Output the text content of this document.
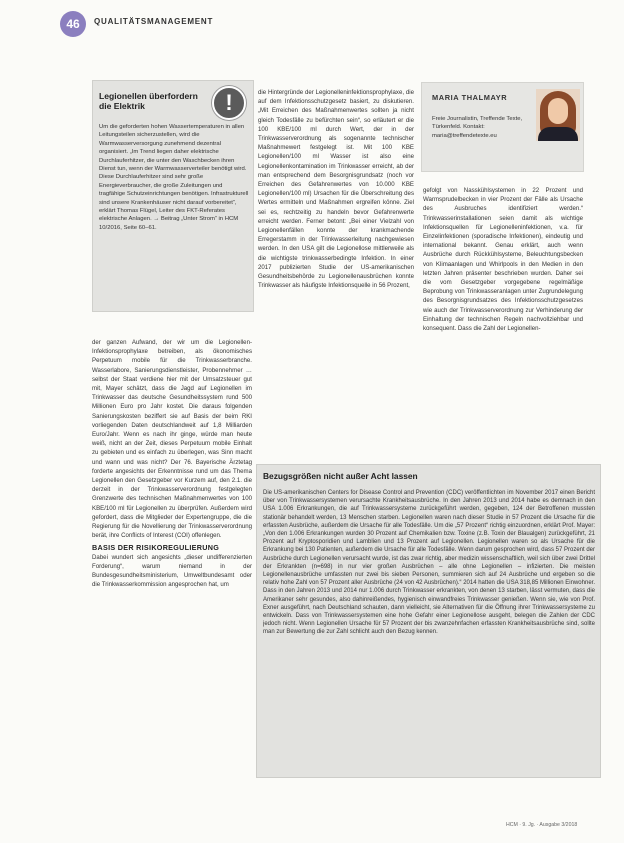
46	QUALITÄTSMANAGEMENT
Legionellen überfordern die Elektrik
Um die geforderten hohen Wassertemperaturen in allen Leitungsteilen sicherzustellen, wird die Warmwasserversorgung zunehmend dezentral organisiert. „Im Trend liegen daher elektrische Durchlauferhitzer, die unter den Waschbecken ihren Dienst tun, wenn der Warmwasserverteiler benötigt wird. Diese Durchlauferhitzer sind sehr große Energieverbraucher, die große Zuleitungen und tragfähige Schutzeinrichtungen benötigen. Infrastrukturell sind unsere Krankenhäuser nicht darauf vorbereitet“, erklärt Thomas Flügel, Leiter des FKT-Referates elektrische Anlagen. → Beitrag „Unter Strom“ in HCM 10/2016, Seite 60–61.
!
der ganzen Aufwand, der wir um die Legionellen-Infektionsprophylaxe betreiben, als ökonomisches Perpetuum mobile für die Trinkwasserbranche. Wasserlabore, Sanierungsdienstleister, Probennehmer … selbst der Staat verdiene hier mit der Umsatzsteuer gut mit, Mayer schätzt, dass die Jagd auf Legionellen im Trinkwasser das deutsche Gesundheitssystem rund 500 Millionen Euro pro Jahr kostet. Die daraus folgenden Sanierungskosten beziffert sie auf Basis der beim RKI vorliegenden Daten deutschlandweit auf 1,8 Milliarden Euro/Jahr. Wenn es nach ihr ginge, würde man heute weiß, nicht an der Zeit, dieses Perpetuum mobile Einhalt zu gebieten und es einfach zu überlegen, was Sinn macht und wann und was nicht? Der 76. Bayerische Ärztetag forderte angesichts der Erkenntnisse rund um das Thema Legionellen den Gesetzgeber vor Kurzem auf, den 2.1. die derzeit in der Trinkwasserverordnung festgelegten Grenzwerte des technischen Maßnahmenwertes von 100 KBE/100 ml für Legionellen zu überprüfen. Außerdem wird gefordert, dass die Mitglieder der Expertengruppe, die die Regierung für die Novellierung der Trinkwasserverordnung berät, ihre Conflicts of Interest (COI) offenlegen.
BASIS DER RISIKOREGULIERUNG
Dabei wundert sich angesichts „dieser undifferenzierten Forderung“, warum niemand in der Bundesgesundheitsministerium, Umweltbundesamt oder die Trinkwasserkommission angesprochen hat, um
die Hintergründe der Legionelleninfektionsprophylaxe, die auf dem Infektionsschutzgesetz basiert, zu diskutieren. „Mit Erreichen des Maßnahmenwertes sollten ja nicht gleich Todesfälle zu befürchten sein“, so erläutert er die 100 KBE/100 ml durch Wert, der in der Trinkwasserverordnung als sogenannte technischer Maßnahmewert festgelegt ist. Mit 100 KBE Legionellen/100 ml Wasser ist also eine Legionellenkontamination im Trinkwasser erreicht, ab der man entsprechend dem Besorgnisgrundsatz (noch vor Erreichen des Gefahrenwertes von 10.000 KBE Legionellen/100 ml) Ursachen für die Überschreitung des Wertes ermitteln und Maßnahmen ergreifen könne. Ziel sei es, rechtzeitig zu handeln bevor Gefahrenwerte erreicht werden. Ferner betont: „Bei einer Vielzahl von Legionellenfällen konnte der krankmachende Erregerstamm in der Trinkwasserleitung nachgewiesen werden. In den USA gilt die Legionellose mittlerweile als die wichtigste trinkwasserbedingte Infektion. In einer 2017 publizierten Studie der US-amerikanischen Gesundheitsbehörde zu Legionellenausbrüchen konnte Trinkwasser als häufigste Infektionsquelle in 56 Prozent,
MARIA THALMAYR
Freie Journalistin, Treffende Texte, Türkenfeld. Kontakt: maria@treffendetexte.eu
gefolgt von Nasskühlsystemen in 22 Prozent und Warmsprudelbecken in vier Prozent der Fälle als Ursache des Ausbruches identifiziert werden.“ Trinkwasserinstallationen seien damit als wichtige Infektionsquellen für Legionelleninfektionen, v.a. für Einzelinfektionen (sporadische Infektionen), eindeutig und international bekannt. Genau erklärt, auch wenn Ausbrüche durch Rückkühlsysteme, Beleuchtungsbecken von Klimaanlagen und Whirlpools in den Medien in den letzten Jahren präsenter beschrieben wurden. Daher sei die vom Gesetzgeber vorgegebene regelmäßige Beprobung von Trinkwasseranlagen unter Zugrundelegung des Besorgnisgrundsatzes des Infektionsschutzgesetzes wie auch der Trinkwasserverordnung zur Verhinderung der Einhaltung der technischen Regeln nachvollziehbar und konsequent. Dass die Zahl der Legionellen-
Bezugsgrößen nicht außer Acht lassen
Die US-amerikanischen Centers for Disease Control and Prevention (CDC) veröffentlichten im November 2017 einen Bericht über von Trinkwassersystemen verursachte Krankheitsausbrüche. In den Jahren 2013 und 2014 habe es demnach in den USA 1.006 Erkrankungen, die auf Trinkwassersysteme zurückgeführt werden, gegeben, 124 der Betroffenen mussten stationär behandelt werden, 13 Menschen starben. Legionellen waren nach dieser Studie in 57 Prozent die Ursache für die erfassten Ausbrüche, außerdem die Ursache für alle Todesfälle. Um die „57 Prozent“ richtig einzuordnen, erklärt Prof. Mayer: „Von den 1.006 Erkrankungen wurden 30 Prozent auf Chemikalien bzw. Toxine (z.B. Toxin der Blaualgen) zurückgeführt, 21 Prozent auf Kryptosporidien und Lamblien und 13 Prozent auf Legionellen. Legionellen waren so als Ursache für die Erkrankung bei 130 Patienten, außerdem die Ursache für alle Todesfälle. Wenn darum gesprochen wird, dass 57 Prozent der Ausbrüche durch Legionellen verursacht wurde, ist das zwar richtig, aber medizin wissenschaftlich, weil sich über zwei Drittel der Erkrankten (n=698) in nur vier großen Ausbrüchen – alle ohne Legionellen – infizierten. Die meisten Legionellenausbrüche umfassten nur zwei bis sieben Personen, summieren sich auf 24 Ausbrüche und ergeben so die relativ hohe Zahl von 57 Prozent aller Ausbrüche (24 von 42 Ausbrüchen).“ 2014 hatten die USA 318,85 Millionen Einwohner. Dass in den Jahren 2013 und 2014 nur 1.006 durch Trinkwasser erkrankten, von denen 13 starben, lässt vermuten, dass die Amerikaner sehr gesundes, also dahinreißendes, hygienisch einwandfreies Trinkwasser genießen. Wenn sie, wie von Prof. Exner ausgeführt, nach Deutschland schauten, dann vielleicht, sie Alternativen für die Öffnung ihrer Trinkwassersysteme zu entwickeln. Dass von Trinkwassersystemen eine hohe Gefahr einer Legionellose ausgeht, belegen die Zahlen der CDC jedoch nicht. Wenn Legionellen Ursache für 57 Prozent der bis zwanzehnfachen erfassten Krankheitsausbrüche sind, sollte man zur Bewertung die zur Zahl schlicht auch den Bezug kennen.
HCM · 9. Jg. · Ausgabe 3/2018
